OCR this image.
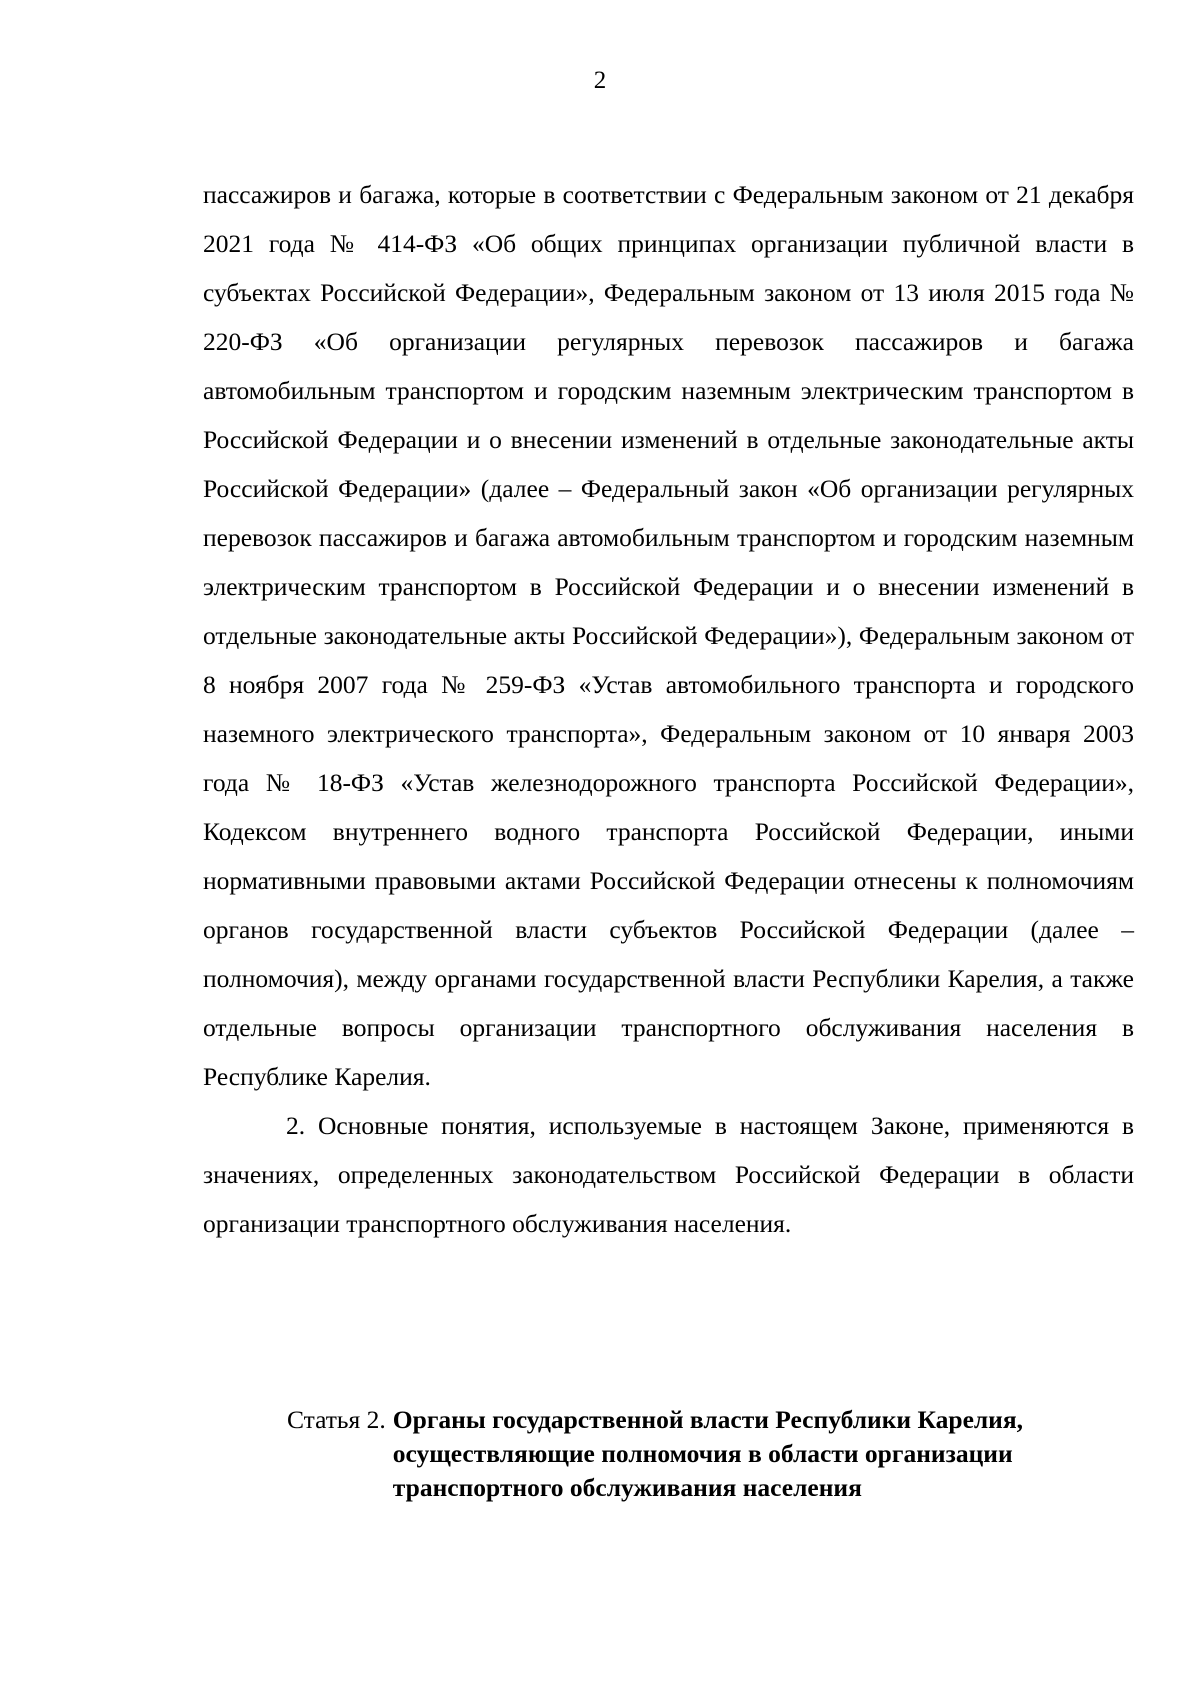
2

пассажиров и багажа, которые в соответствии с Федеральным законом от 21 декабря 2021 года № 414-ФЗ «Об общих принципах организации публичной власти в субъектах Российской Федерации», Федеральным законом от 13 июля 2015 года № 220-ФЗ «Об организации регулярных перевозок пассажиров и багажа автомобильным транспортом и городским наземным электрическим транспортом в Российской Федерации и о внесении изменений в отдельные законодательные акты Российской Федерации» (далее – Федеральный закон «Об организации регулярных перевозок пассажиров и багажа автомобильным транспортом и городским наземным электрическим транспортом в Российской Федерации и о внесении изменений в отдельные законодательные акты Российской Федерации»), Федеральным законом от 8 ноября 2007 года № 259-ФЗ «Устав автомобильного транспорта и городского наземного электрического транспорта», Федеральным законом от 10 января 2003 года № 18-ФЗ «Устав железнодорожного транспорта Российской Федерации», Кодексом внутреннего водного транспорта Российской Федерации, иными нормативными правовыми актами Российской Федерации отнесены к полномочиям органов государственной власти субъектов Российской Федерации (далее – полномочия), между органами государственной власти Республики Карелия, а также отдельные вопросы организации транспортного обслуживания населения в Республике Карелия.

2. Основные понятия, используемые в настоящем Законе, применяются в значениях, определенных законодательством Российской Федерации в области организации транспортного обслуживания населения.

Статья 2. Органы государственной власти Республики Карелия, осуществляющие полномочия в области организации транспортного обслуживания населения
